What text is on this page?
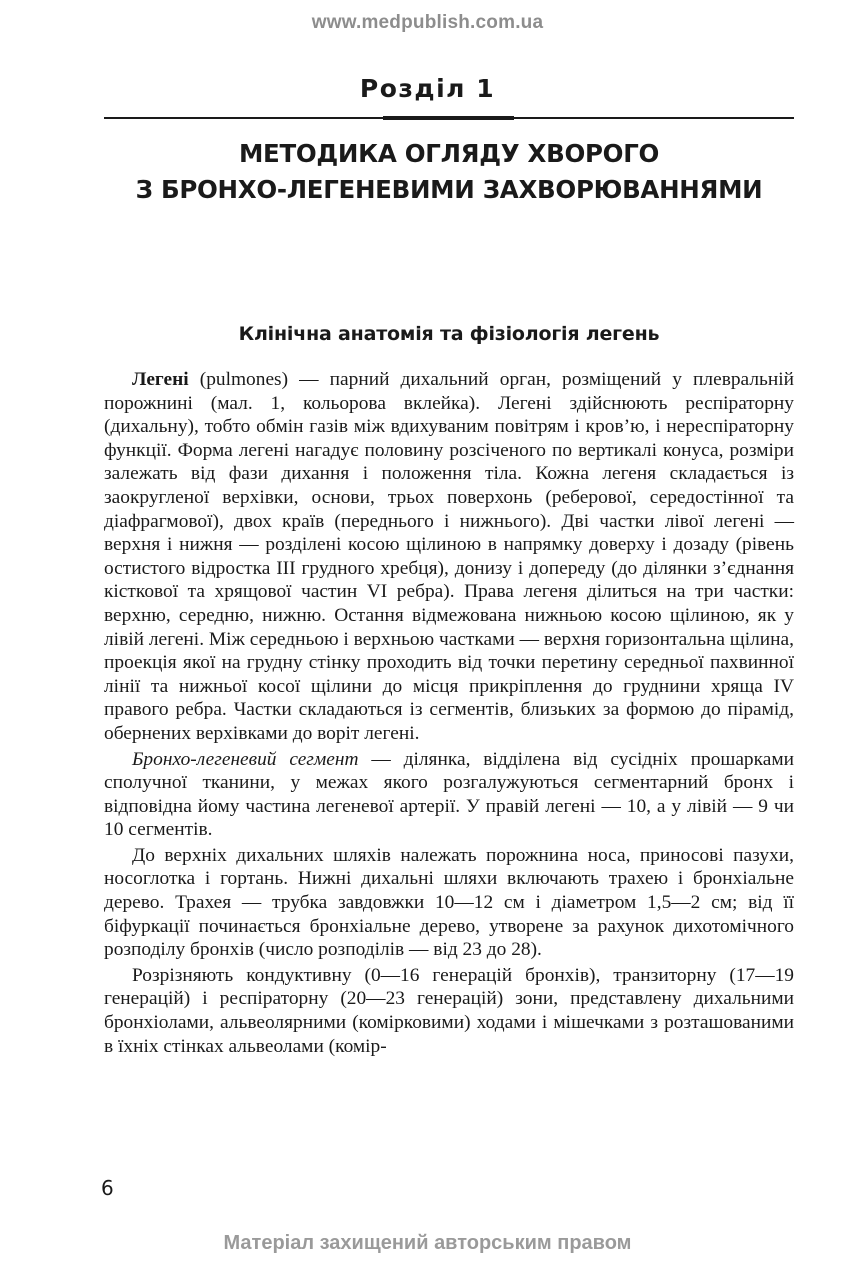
www.medpublish.com.ua
Розділ 1
МЕТОДИКА ОГЛЯДУ ХВОРОГО
З БРОНХО-ЛЕГЕНЕВИМИ ЗАХВОРЮВАННЯМИ
Клінічна анатомія та фізіологія легень

Легені (pulmones) — парний дихальний орган, розміщений у плевральній порожнині (мал. 1, кольорова вклейка). Легені здійснюють респіраторну (дихальну), тобто обмін газів між вдихуваним повітрям і кров’ю, і нереспіраторну функції. Форма легені нагадує половину розсіченого по вертикалі конуса, розміри залежать від фази дихання і положення тіла. Кожна легеня складається із заокругленої верхівки, основи, трьох поверхонь (реберової, середостінної та діафрагмової), двох країв (переднього і нижнього). Дві частки лівої легені — верхня і нижня — розділені косою щілиною в напрямку доверху і дозаду (рівень остистого відростка III грудного хребця), донизу і допереду (до ділянки з’єднання кісткової та хрящової частин VI ребра). Права легеня ділиться на три частки: верхню, середню, нижню. Остання відмежована нижньою косою щілиною, як у лівій легені. Між середньою і верхньою частками — верхня горизонтальна щілина, проекція якої на грудну стінку проходить від точки перетину середньої пахвинної лінії та нижньої косої щілини до місця прикріплення до груднини хряща IV правого ребра. Частки складаються із сегментів, близьких за формою до пірамід, обернених верхівками до воріт легені.

Бронхо-легеневий сегмент — ділянка, відділена від сусідніх прошарками сполучної тканини, у межах якого розгалужуються сегментарний бронх і відповідна йому частина легеневої артерії. У правій легені — 10, а у лівій — 9 чи 10 сегментів.

До верхніх дихальних шляхів належать порожнина носа, приносові пазухи, носоглотка і гортань. Нижні дихальні шляхи включають трахею і бронхіальне дерево. Трахея — трубка завдовжки 10—12 см і діаметром 1,5—2 см; від її біфуркації починається бронхіальне дерево, утворене за рахунок дихотомічного розподілу бронхів (число розподілів — від 23 до 28).

Розрізняють кондуктивну (0—16 генерацій бронхів), транзиторну (17—19 генерацій) і респіраторну (20—23 генерацій) зони, представлену дихальними бронхіолами, альвеолярними (комірковими) ходами і мішечками з розташованими в їхніх стінках альвеолами (комір-

6
Матеріал захищений авторським правом
